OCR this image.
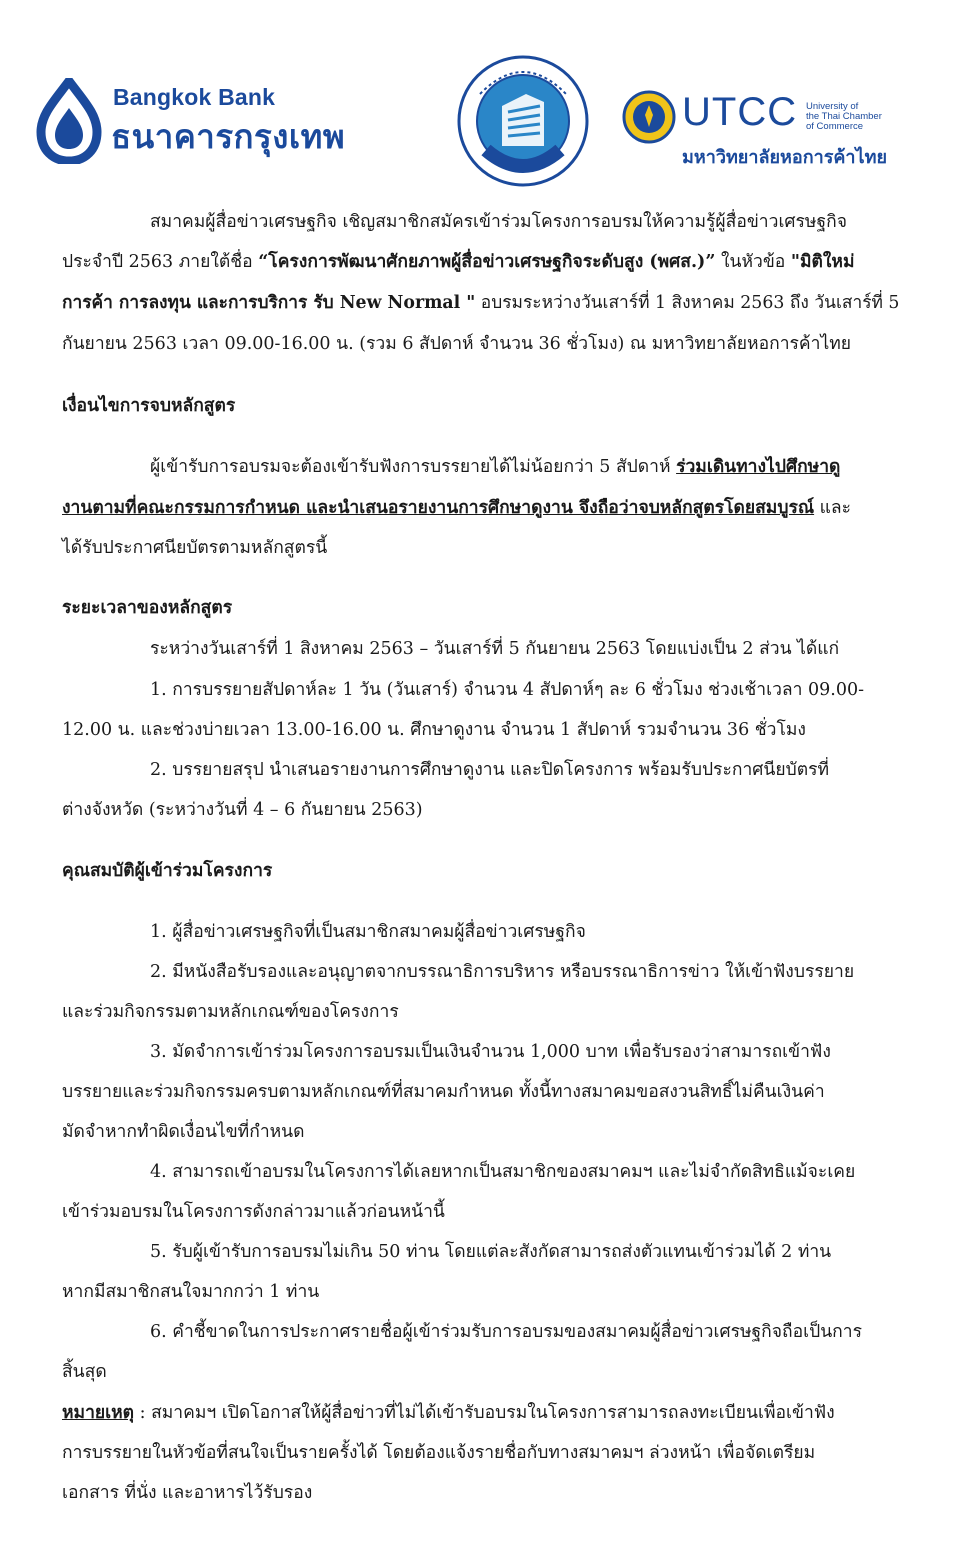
Bangkok Bank
ธนาคารกรุงเทพ
UTCC University of
the Thai Chamber
of Commerce
มหาวิทยาลัยหอการค้าไทย
สมาคมผู้สื่อข่าวเศรษฐกิจ เชิญสมาชิกสมัครเข้าร่วมโครงการอบรมให้ความรู้ผู้สื่อข่าวเศรษฐกิจ
ประจำปี 2563 ภายใต้ชื่อ “โครงการพัฒนาศักยภาพผู้สื่อข่าวเศรษฐกิจระดับสูง (พศส.)” ในหัวข้อ "มิติใหม่
การค้า การลงทุน และการบริการ รับ New Normal " อบรมระหว่างวันเสาร์ที่ 1 สิงหาคม 2563 ถึง วันเสาร์ที่ 5
กันยายน 2563 เวลา 09.00-16.00 น. (รวม 6 สัปดาห์ จำนวน 36 ชั่วโมง) ณ มหาวิทยาลัยหอการค้าไทย
เงื่อนไขการจบหลักสูตร
ผู้เข้ารับการอบรมจะต้องเข้ารับฟังการบรรยายได้ไม่น้อยกว่า 5 สัปดาห์ ร่วมเดินทางไปศึกษาดู
งานตามที่คณะกรรมการกำหนด และนำเสนอรายงานการศึกษาดูงาน จึงถือว่าจบหลักสูตรโดยสมบูรณ์ และ
ได้รับประกาศนียบัตรตามหลักสูตรนี้
ระยะเวลาของหลักสูตร
ระหว่างวันเสาร์ที่ 1 สิงหาคม 2563 – วันเสาร์ที่ 5 กันยายน 2563 โดยแบ่งเป็น 2 ส่วน ได้แก่
1. การบรรยายสัปดาห์ละ 1 วัน (วันเสาร์) จำนวน 4 สัปดาห์ๆ ละ 6 ชั่วโมง ช่วงเช้าเวลา 09.00-
12.00 น. และช่วงบ่ายเวลา 13.00-16.00 น. ศึกษาดูงาน จำนวน 1 สัปดาห์ รวมจำนวน 36 ชั่วโมง
2. บรรยายสรุป นำเสนอรายงานการศึกษาดูงาน และปิดโครงการ พร้อมรับประกาศนียบัตรที่
ต่างจังหวัด (ระหว่างวันที่ 4 – 6 กันยายน 2563)
คุณสมบัติผู้เข้าร่วมโครงการ
1. ผู้สื่อข่าวเศรษฐกิจที่เป็นสมาชิกสมาคมผู้สื่อข่าวเศรษฐกิจ
2. มีหนังสือรับรองและอนุญาตจากบรรณาธิการบริหาร หรือบรรณาธิการข่าว ให้เข้าฟังบรรยาย
และร่วมกิจกรรมตามหลักเกณฑ์ของโครงการ
3. มัดจำการเข้าร่วมโครงการอบรมเป็นเงินจำนวน 1,000 บาท เพื่อรับรองว่าสามารถเข้าฟัง
บรรยายและร่วมกิจกรรมครบตามหลักเกณฑ์ที่สมาคมกำหนด ทั้งนี้ทางสมาคมขอสงวนสิทธิ์ไม่คืนเงินค่า
มัดจำหากทำผิดเงื่อนไขที่กำหนด
4. สามารถเข้าอบรมในโครงการได้เลยหากเป็นสมาชิกของสมาคมฯ และไม่จำกัดสิทธิแม้จะเคย
เข้าร่วมอบรมในโครงการดังกล่าวมาแล้วก่อนหน้านี้
5. รับผู้เข้ารับการอบรมไม่เกิน 50 ท่าน โดยแต่ละสังกัดสามารถส่งตัวแทนเข้าร่วมได้ 2 ท่าน
หากมีสมาชิกสนใจมากกว่า 1 ท่าน
6. คำชี้ขาดในการประกาศรายชื่อผู้เข้าร่วมรับการอบรมของสมาคมผู้สื่อข่าวเศรษฐกิจถือเป็นการ
สิ้นสุด
หมายเหตุ : สมาคมฯ เปิดโอกาสให้ผู้สื่อข่าวที่ไม่ได้เข้ารับอบรมในโครงการสามารถลงทะเบียนเพื่อเข้าฟัง
การบรรยายในหัวข้อที่สนใจเป็นรายครั้งได้ โดยต้องแจ้งรายชื่อกับทางสมาคมฯ ล่วงหน้า เพื่อจัดเตรียม
เอกสาร ที่นั่ง และอาหารไว้รับรอง
